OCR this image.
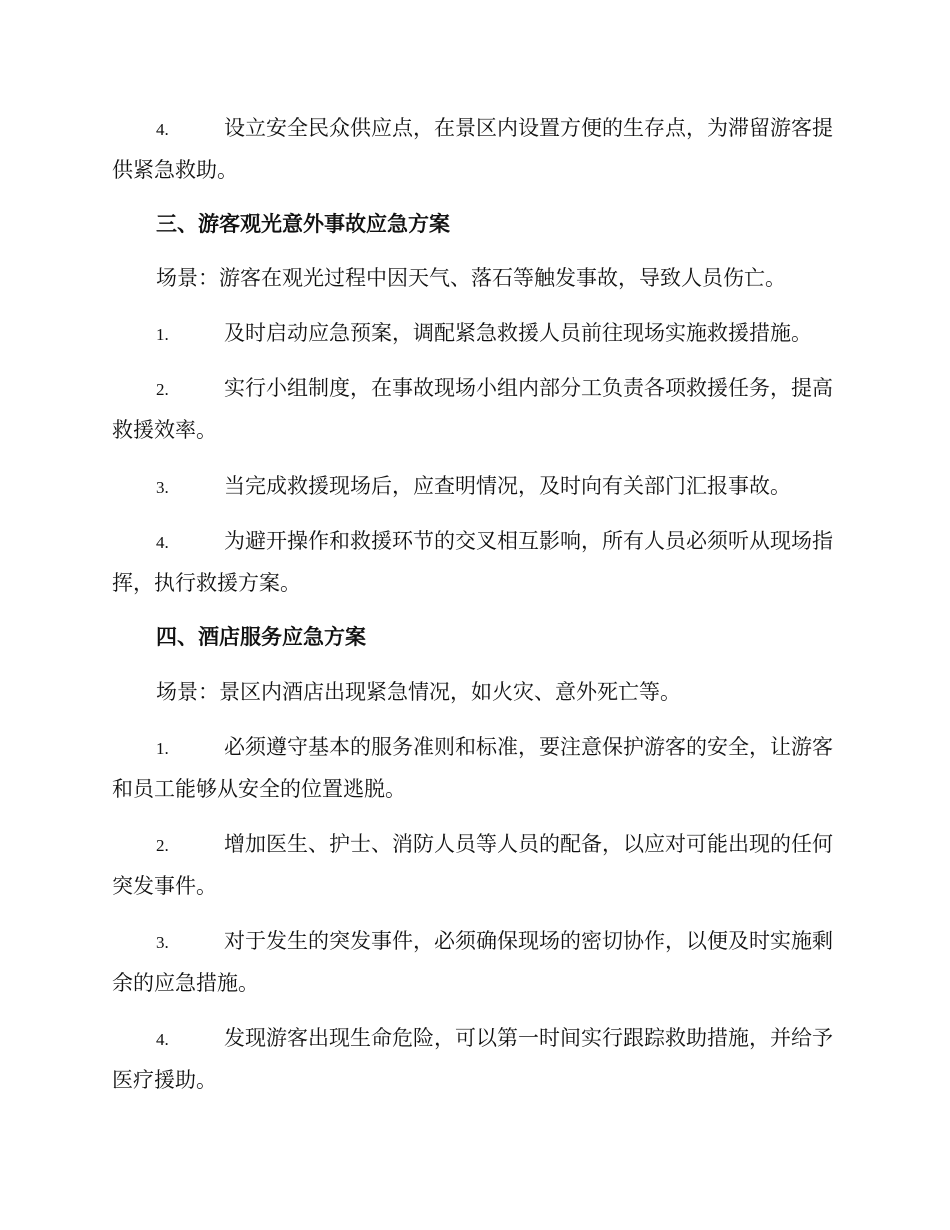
4.	设立安全民众供应点，在景区内设置方便的生存点，为滞留游客提供紧急救助。

三、游客观光意外事故应急方案

场景：游客在观光过程中因天气、落石等触发事故，导致人员伤亡。

1.	及时启动应急预案，调配紧急救援人员前往现场实施救援措施。

2.	实行小组制度，在事故现场小组内部分工负责各项救援任务，提高救援效率。

3.	当完成救援现场后，应查明情况，及时向有关部门汇报事故。

4.	为避开操作和救援环节的交叉相互影响，所有人员必须听从现场指挥，执行救援方案。

四、酒店服务应急方案

场景：景区内酒店出现紧急情况，如火灾、意外死亡等。

1.	必须遵守基本的服务准则和标准，要注意保护游客的安全，让游客和员工能够从安全的位置逃脱。

2.	增加医生、护士、消防人员等人员的配备，以应对可能出现的任何突发事件。

3.	对于发生的突发事件，必须确保现场的密切协作，以便及时实施剩余的应急措施。

4.	发现游客出现生命危险，可以第一时间实行跟踪救助措施，并给予医疗援助。
